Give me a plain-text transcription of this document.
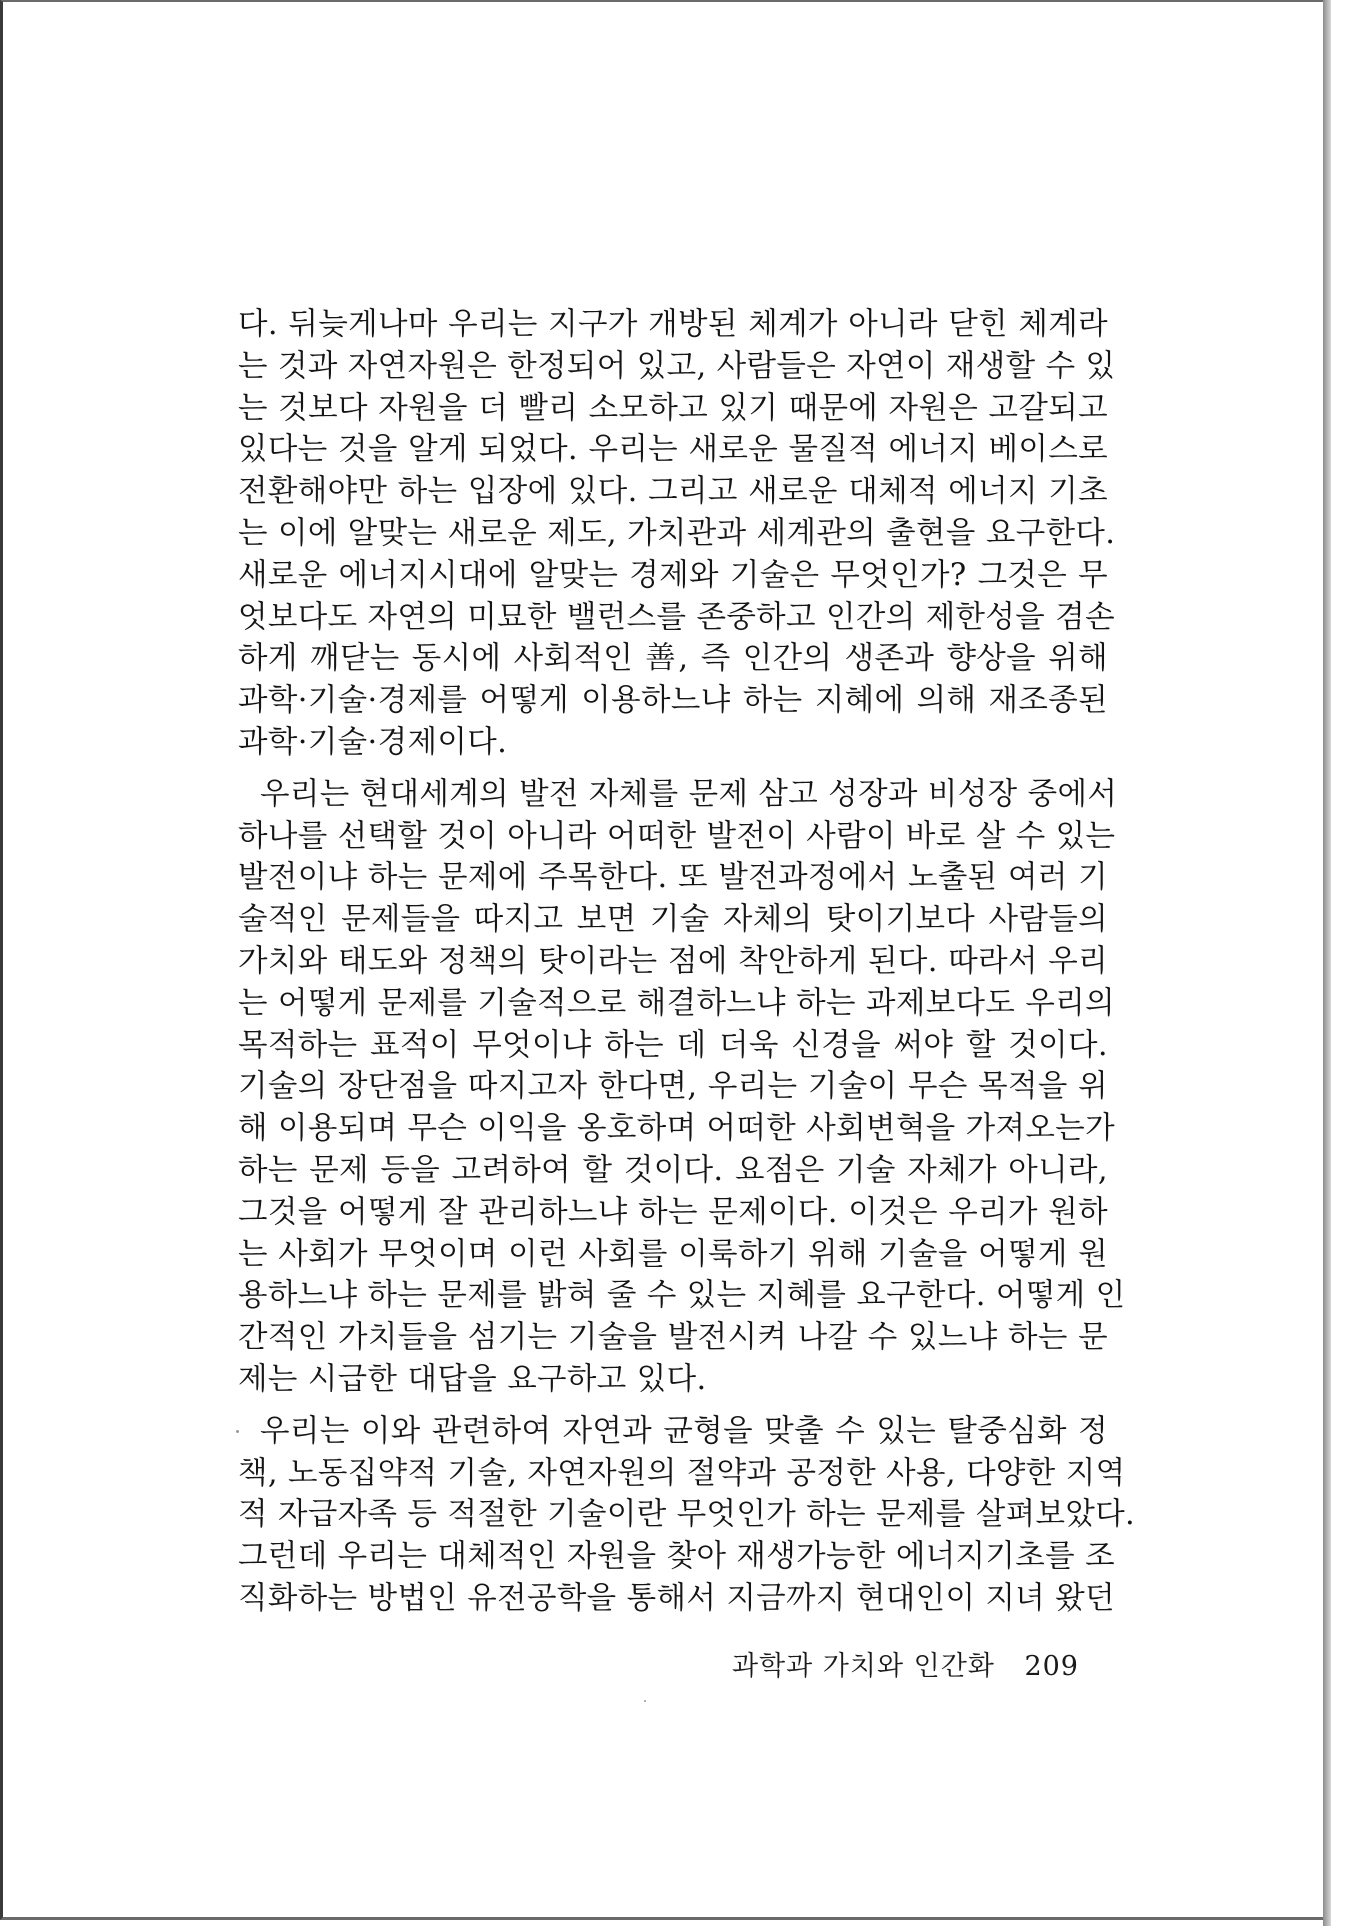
다. 뒤늦게나마 우리는 지구가 개방된 체계가 아니라 닫힌 체계라
는 것과 자연자원은 한정되어 있고, 사람들은 자연이 재생할 수 있
는 것보다 자원을 더 빨리 소모하고 있기 때문에 자원은 고갈되고
있다는 것을 알게 되었다. 우리는 새로운 물질적 에너지 베이스로
전환해야만 하는 입장에 있다. 그리고 새로운 대체적 에너지 기초
는 이에 알맞는 새로운 제도, 가치관과 세계관의 출현을 요구한다.
새로운 에너지시대에 알맞는 경제와 기술은 무엇인가? 그것은 무
엇보다도 자연의 미묘한 밸런스를 존중하고 인간의 제한성을 겸손
하게 깨닫는 동시에 사회적인 善, 즉 인간의 생존과 향상을 위해
과학·기술·경제를 어떻게 이용하느냐 하는 지혜에 의해 재조종된
과학·기술·경제이다.
우리는 현대세계의 발전 자체를 문제 삼고 성장과 비성장 중에서
하나를 선택할 것이 아니라 어떠한 발전이 사람이 바로 살 수 있는
발전이냐 하는 문제에 주목한다. 또 발전과정에서 노출된 여러 기
술적인 문제들을 따지고 보면 기술 자체의 탓이기보다 사람들의
가치와 태도와 정책의 탓이라는 점에 착안하게 된다. 따라서 우리
는 어떻게 문제를 기술적으로 해결하느냐 하는 과제보다도 우리의
목적하는 표적이 무엇이냐 하는 데 더욱 신경을 써야 할 것이다.
기술의 장단점을 따지고자 한다면, 우리는 기술이 무슨 목적을 위
해 이용되며 무슨 이익을 옹호하며 어떠한 사회변혁을 가져오는가
하는 문제 등을 고려하여 할 것이다. 요점은 기술 자체가 아니라,
그것을 어떻게 잘 관리하느냐 하는 문제이다. 이것은 우리가 원하
는 사회가 무엇이며 이런 사회를 이룩하기 위해 기술을 어떻게 원
용하느냐 하는 문제를 밝혀 줄 수 있는 지혜를 요구한다. 어떻게 인
간적인 가치들을 섬기는 기술을 발전시켜 나갈 수 있느냐 하는 문
제는 시급한 대답을 요구하고 있다.
우리는 이와 관련하여 자연과 균형을 맞출 수 있는 탈중심화 정
책, 노동집약적 기술, 자연자원의 절약과 공정한 사용, 다양한 지역
적 자급자족 등 적절한 기술이란 무엇인가 하는 문제를 살펴보았다.
그런데 우리는 대체적인 자원을 찾아 재생가능한 에너지기초를 조
직화하는 방법인 유전공학을 통해서 지금까지 현대인이 지녀 왔던
과학과 가치와 인간화 209
